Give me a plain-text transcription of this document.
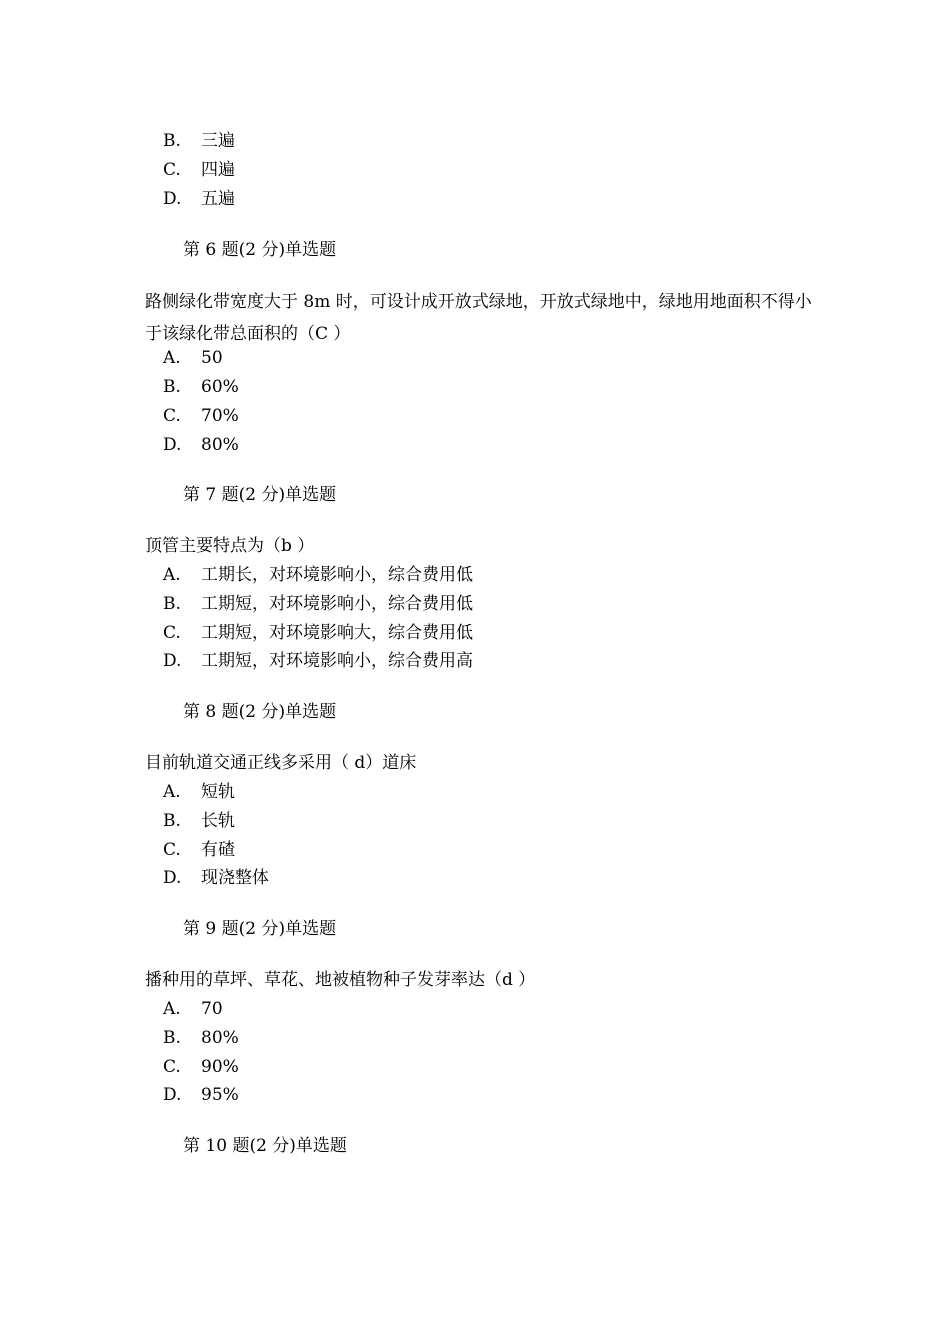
B. 三遍
C. 四遍
D. 五遍
第 6 题(2 分)单选题
路侧绿化带宽度大于 8m 时，可设计成开放式绿地，开放式绿地中，绿地用地面积不得小于该绿化带总面积的（C ）
A. 50
B. 60%
C. 70%
D. 80%
第 7 题(2 分)单选题
顶管主要特点为（b ）
A. 工期长，对环境影响小，综合费用低
B. 工期短，对环境影响小，综合费用低
C. 工期短，对环境影响大，综合费用低
D. 工期短，对环境影响小，综合费用高
第 8 题(2 分)单选题
目前轨道交通正线多采用（ d）道床
A. 短轨
B. 长轨
C. 有碴
D. 现浇整体
第 9 题(2 分)单选题
播种用的草坪、草花、地被植物种子发芽率达（d ）
A. 70
B. 80%
C. 90%
D. 95%
第 10 题(2 分)单选题
